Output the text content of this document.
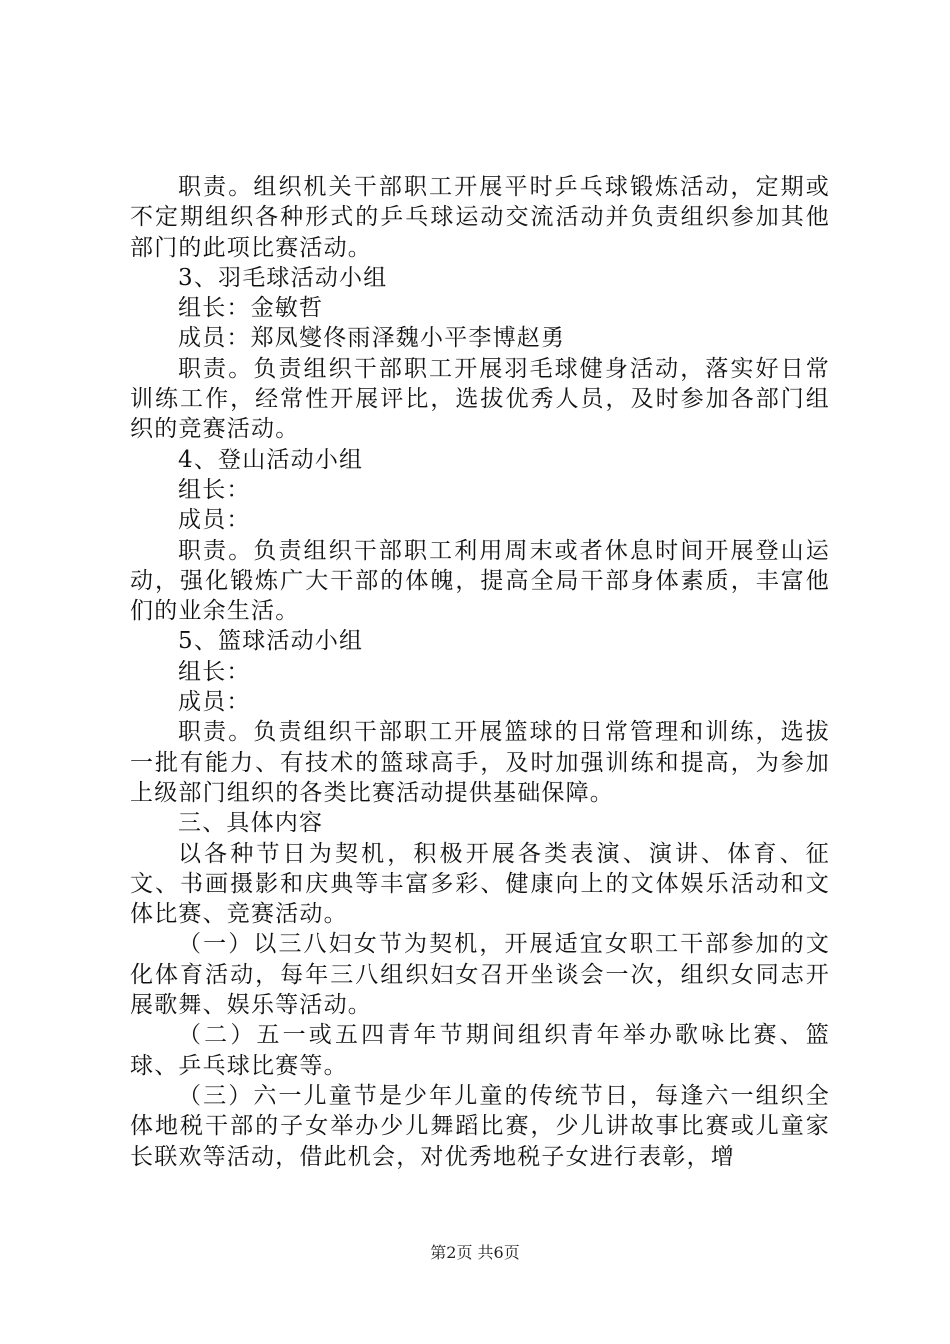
职责。组织机关干部职工开展平时乒乓球锻炼活动，定期或不定期组织各种形式的乒乓球运动交流活动并负责组织参加其他部门的此项比赛活动。

3、羽毛球活动小组

组长：金敏哲

成员：郑凤燮佟雨泽魏小平李博赵勇

职责。负责组织干部职工开展羽毛球健身活动，落实好日常训练工作，经常性开展评比，选拔优秀人员，及时参加各部门组织的竞赛活动。

4、登山活动小组

组长：

成员：

职责。负责组织干部职工利用周末或者休息时间开展登山运动，强化锻炼广大干部的体魄，提高全局干部身体素质，丰富他们的业余生活。

5、篮球活动小组

组长：

成员：

职责。负责组织干部职工开展篮球的日常管理和训练，选拔一批有能力、有技术的篮球高手，及时加强训练和提高，为参加上级部门组织的各类比赛活动提供基础保障。

三、具体内容

以各种节日为契机，积极开展各类表演、演讲、体育、征文、书画摄影和庆典等丰富多彩、健康向上的文体娱乐活动和文体比赛、竞赛活动。

（一）以三八妇女节为契机，开展适宜女职工干部参加的文化体育活动，每年三八组织妇女召开坐谈会一次，组织女同志开展歌舞、娱乐等活动。

（二）五一或五四青年节期间组织青年举办歌咏比赛、篮球、乒乓球比赛等。

（三）六一儿童节是少年儿童的传统节日，每逢六一组织全体地税干部的子女举办少儿舞蹈比赛，少儿讲故事比赛或儿童家长联欢等活动，借此机会，对优秀地税子女进行表彰，增

第2页 共6页
